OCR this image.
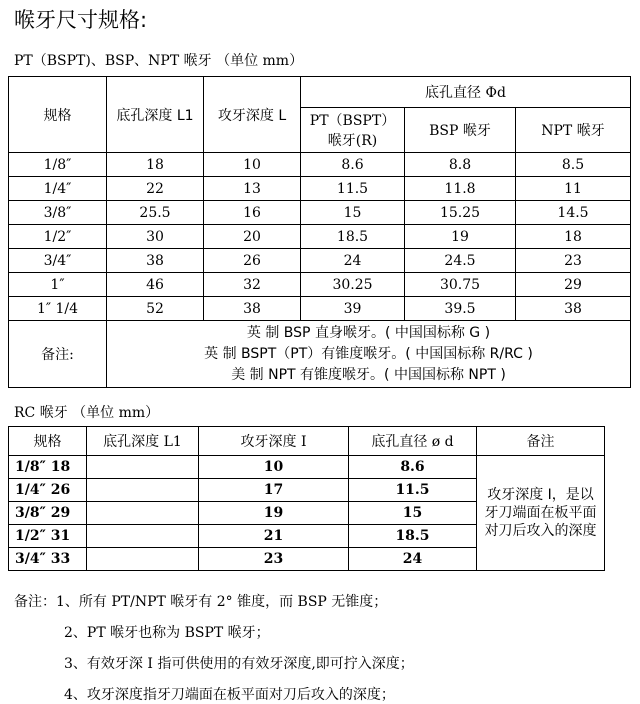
喉牙尺寸规格:
PT（BSPT)、BSP、NPT 喉牙 （单位 mm）
规格	底孔深度 L1	攻牙深度 L	底孔直径 Φd		
			PT（BSPT） 喉牙(R)	BSP 喉牙	NPT 喉牙
1/8″	18	10	8.6	8.8	8.5
1/4″	22	13	11.5	11.8	11
3/8″	25.5	16	15	15.25	14.5
1/2″	30	20	18.5	19	18
3/4″	38	26	24	24.5	23
1″	46	32	30.25	30.75	29
1″ 1/4	52	38	39	39.5	38
备注:	英 制 BSP 直身喉牙。( 中国国标称 G )
英 制 BSPT（PT）有锥度喉牙。( 中国国标称 R/RC )
美 制 NPT 有锥度喉牙。( 中国国标称 NPT )				
RC 喉牙 （单位 mm）
规格	底孔深度 L1	攻牙深度 I	底孔直径 ø d	备注
1/8″ 18		10	8.6	攻牙深度 I，是以牙刀端面在板平面对刀后攻入的深度
1/4″ 26		17	11.5	
3/8″ 29		19	15	
1/2″ 31		21	18.5	
3/4″ 33		23	24	
备注：1、所有 PT/NPT 喉牙有 2° 锥度，而 BSP 无锥度；
2、PT 喉牙也称为 BSPT 喉牙；
3、有效牙深 I 指可供使用的有效牙深度,即可拧入深度；
4、攻牙深度指牙刀端面在板平面对刀后攻入的深度；
